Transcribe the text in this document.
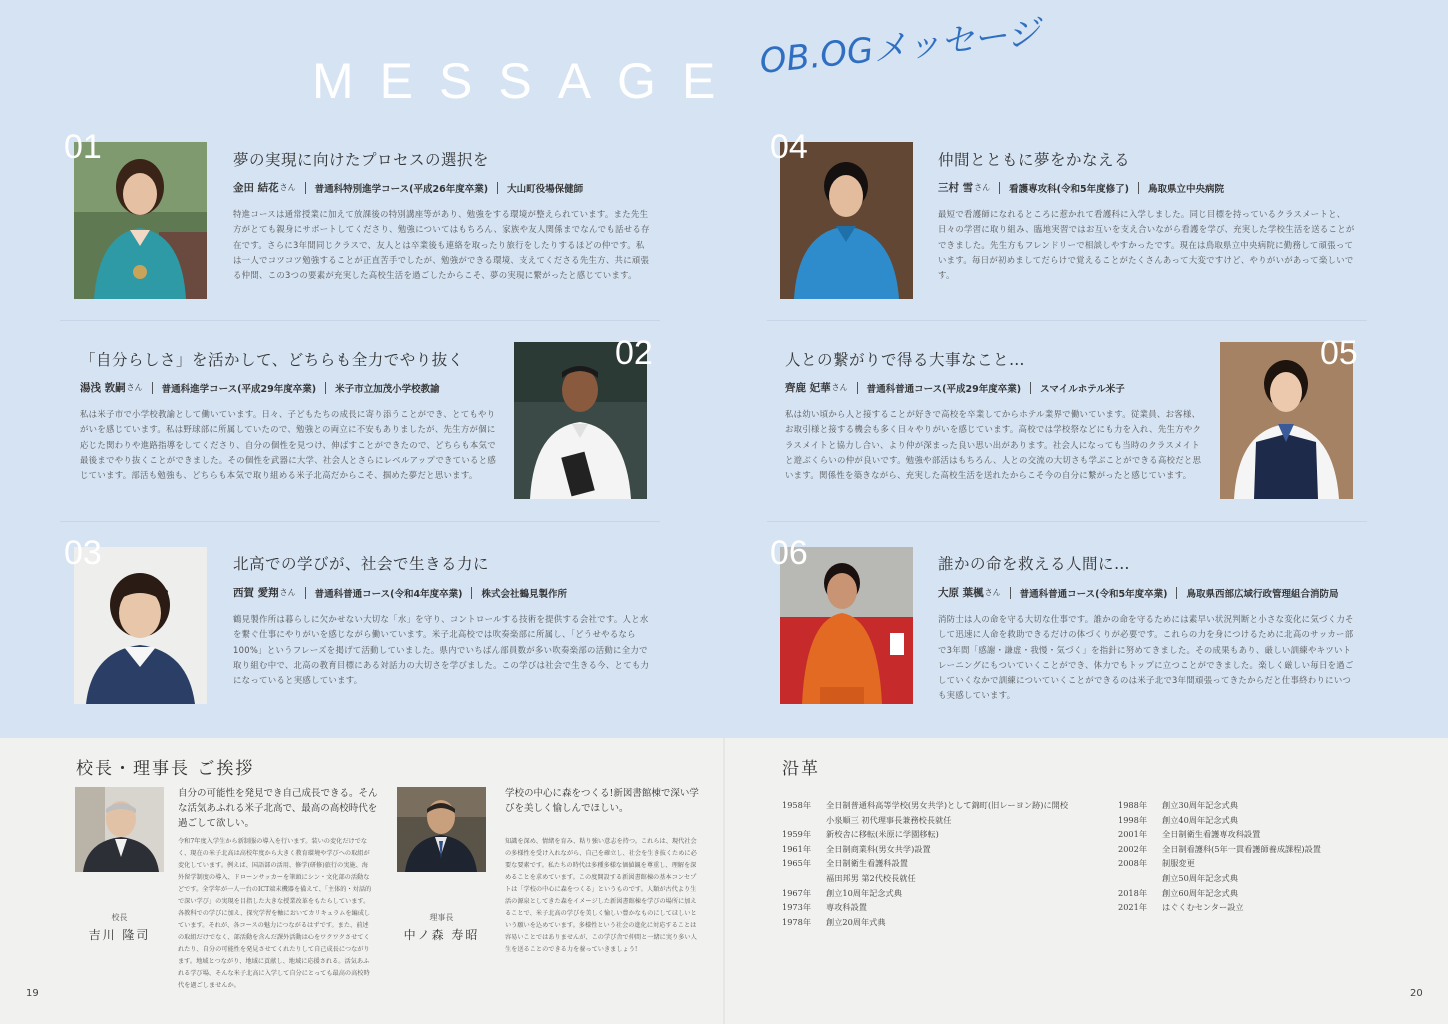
MESSAGE OB.OGメッセージ
01	夢の実現に向けたプロセスの選択を
金田 結花 さん 普通科特別進学コース(平成26年度卒業) 大山町役場保健師
特進コースは通常授業に加えて放課後の特別講座等があり、勉強をする環境が整えられています。また先生方がとても親身にサポートしてくださり、勉強についてはもちろん、家族や友人関係までなんでも話せる存在です。さらに3年間同じクラスで、友人とは卒業後も連絡を取ったり旅行をしたりするほどの仲です。私は一人でコツコツ勉強することが正直苦手でしたが、勉強ができる環境、支えてくださる先生方、共に頑張る仲間、この3つの要素が充実した高校生活を過ごしたからこそ、夢の実現に繋がったと感じています。
「自分らしさ」を活かして、どちらも全力でやり抜く
湯浅 敦嗣 さん 普通科進学コース(平成29年度卒業) 米子市立加茂小学校教諭
私は米子市で小学校教諭として働いています。日々、子どもたちの成長に寄り添うことができ、とてもやりがいを感じています。私は野球部に所属していたので、勉強との両立に不安もありましたが、先生方が個に応じた関わりや進路指導をしてくださり、自分の個性を見つけ、伸ばすことができたので、どちらも本気で最後までやり抜くことができました。その個性を武器に大学、社会人とさらにレベルアップできていると感じています。部活も勉強も、どちらも本気で取り組める米子北高だからこそ、掴めた夢だと思います。
02
03	北高での学びが、社会で生きる力に
西賀 愛翔 さん 普通科普通コース(令和4年度卒業) 株式会社鶴見製作所
鶴見製作所は暮らしに欠かせない大切な「水」を守り、コントロールする技術を提供する会社です。人と水を繋ぐ仕事にやりがいを感じながら働いています。米子北高校では吹奏楽部に所属し、「どうせやるなら100%」というフレーズを掲げて活動していました。県内でいちばん部員数が多い吹奏楽部の活動に全力で取り組む中で、北高の教育目標にある対話力の大切さを学びました。この学びは社会で生きる今、とても力になっていると実感しています。
04	仲間とともに夢をかなえる
三村 雪 さん 看護専攻科(令和5年度修了) 鳥取県立中央病院
最短で看護師になれるところに惹かれて看護科に入学しました。同じ目標を持っているクラスメートと、日々の学習に取り組み、臨地実習ではお互いを支え合いながら看護を学び、充実した学校生活を送ることができました。先生方もフレンドリーで相談しやすかったです。現在は鳥取県立中央病院に勤務して頑張っています。毎日が初めましてだらけで覚えることがたくさんあって大変ですけど、やりがいがあって楽しいです。
人との繋がりで得る大事なこと…
齊鹿 妃華 さん 普通科普通コース(平成29年度卒業) スマイルホテル米子
私は幼い頃から人と接することが好きで高校を卒業してからホテル業界で働いています。従業員、お客様、お取引様と接する機会も多く日々やりがいを感じています。高校では学校祭などにも力を入れ、先生方やクラスメイトと協力し合い、より仲が深まった良い思い出があります。社会人になっても当時のクラスメイトと遊ぶくらいの仲が良いです。勉強や部活はもちろん、人との交流の大切さも学ぶことができる高校だと思います。関係性を築きながら、充実した高校生活を送れたからこそ今の自分に繋がったと感じています。
05
06	誰かの命を救える人間に…
大原 葉楓 さん 普通科普通コース(令和5年度卒業) 鳥取県西部広域行政管理組合消防局
消防士は人の命を守る大切な仕事です。誰かの命を守るためには素早い状況判断と小さな変化に気づく力そして迅速に人命を救助できるだけの体づくりが必要です。これらの力を身につけるために北高のサッカー部で3年間「感謝・謙虚・我慢・気づく」を指針に努めてきました。その成果もあり、厳しい訓練やキツいトレーニングにもついていくことができ、体力でもトップに立つことができました。楽しく厳しい毎日を過ごしていくなかで訓練についていくことができるのは米子北で3年間頑張ってきたからだと仕事終わりにいつも実感しています。
校長・理事長 ご挨拶
自分の可能性を発見でき自己成長できる。そんな活気あふれる米子北高で、最高の高校時代を過ごして欲しい。
令和7年度入学生から新制服の導入を行います。装いの変化だけでなく、現在の米子北高は高校年度から大きく教育環境や学びへの取組が変化しています。例えば、国語部の活用、修学(研修)旅行の実施、海外留学制度の導入、ドローンサッカーを筆頭にシン・文化部の活動などです。全学年が一人一台のICT端末機器を備えて、「主体的・対話的で深い学び」の実現を目指した大きな授業改革をもたらしています。各教科での学びに加え、探究学習を軸においてカリキュラムを編成しています。それが、各コースの魅力につながるはずです。また、前述の取組だけでなく、部活動を含んだ課外活動は心をワクワクさせてくれたり、自分の可能性を発見させてくれたりして自己成長につながります。地域とつながり、地域に貢献し、地域に応援される。活気あふれる学び場、そんな米子北高に入学して自分にとっても最高の高校時代を過ごしませんか。
校長
吉川 隆司
学校の中心に森をつくる!新図書館棟で深い学びを美しく愉しんでほしい。
知識を深め、情緒を育み、粘り強い意志を持つ。これらは、現代社会の多様性を受け入れながら、自己を確立し、社会を生き抜くために必要な要素です。私たちの時代は多種多様な価値観を尊重し、理解を深めることを求めています。この度開設する新図書館棟の基本コンセプトは「学校の中心に森をつくる」というものです。人類が古代より生活の源泉としてきた森をイメージした新図書館棟を学びの場所に加えることで、米子北高の学びを美しく愉しい豊かなものにしてほしいという願いを込めています。多様性という社会の進化に対応することは容易いことではありませんが、この学び舎で仲間と一緒に実り多い人生を送ることのできる力を養っていきましょう!
理事長
中ノ森 寿昭
沿革
1958年	全日制普通科高等学校(男女共学)として錦町(旧レーヨン跡)に開校
小泉順三 初代理事長兼務校長就任
1959年	新校舎に移転(米原に学園移転)
1961年	全日制商業科(男女共学)設置
1965年	全日制衛生看護科設置
福田邦男 第2代校長就任
1967年	創立10周年記念式典
1973年	専攻科設置
1978年	創立20周年式典
1988年	創立30周年記念式典
1998年	創立40周年記念式典
2001年	全日制衛生看護専攻科設置
2002年	全日制看護科(5年一貫看護師養成課程)設置
2008年	制服変更
創立50周年記念式典
2018年	創立60周年記念式典
2021年	はぐくむセンター設立
19	20
